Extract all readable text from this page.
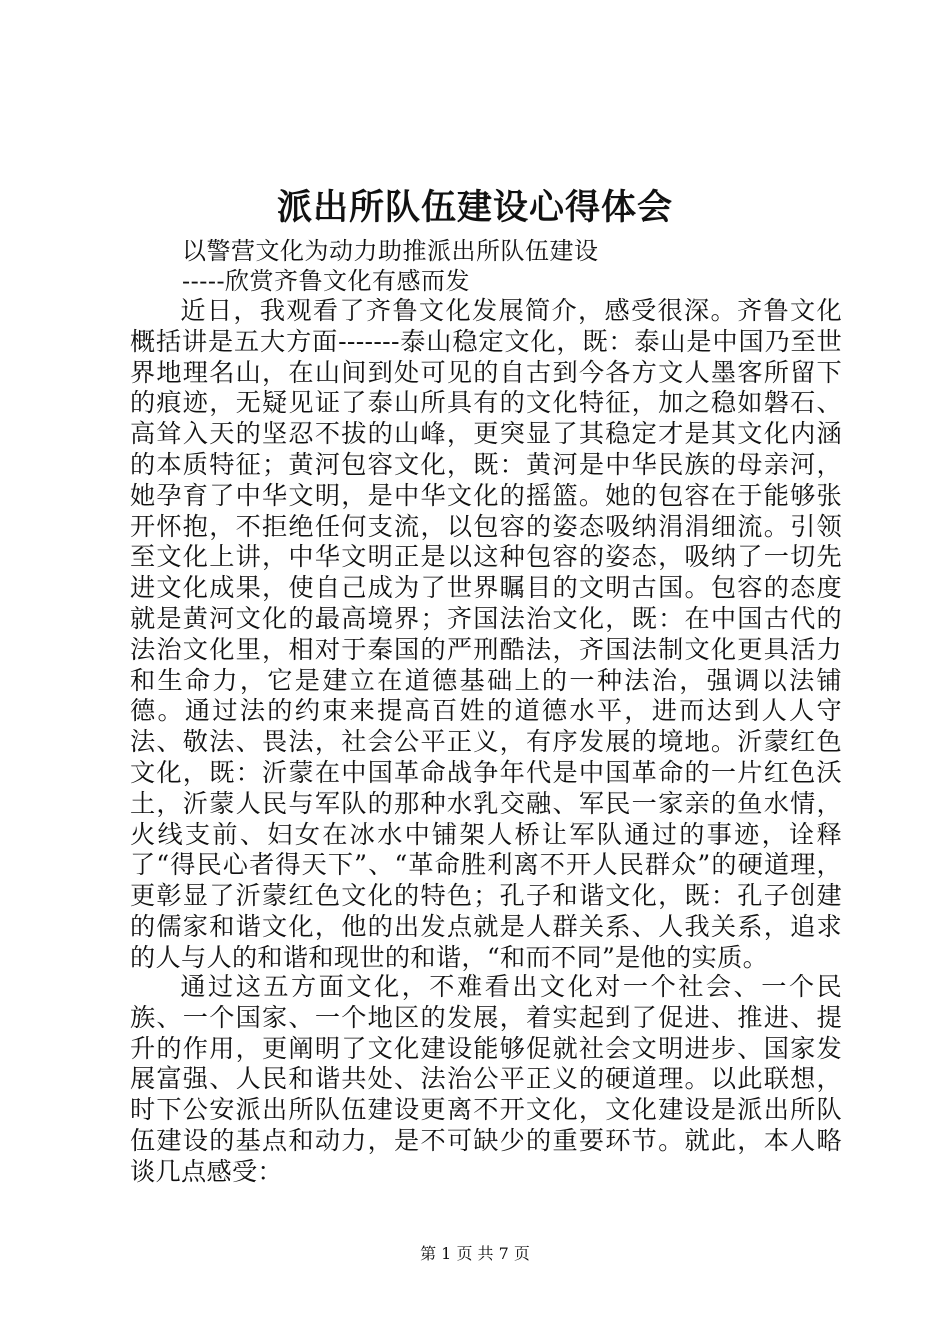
派出所队伍建设心得体会
以警营文化为动力助推派出所队伍建设
-----欣赏齐鲁文化有感而发

近日，我观看了齐鲁文化发展简介，感受很深。齐鲁文化概括讲是五大方面-------泰山稳定文化，既：泰山是中国乃至世界地理名山，在山间到处可见的自古到今各方文人墨客所留下的痕迹，无疑见证了泰山所具有的文化特征，加之稳如磐石、高耸入天的坚忍不拔的山峰，更突显了其稳定才是其文化内涵的本质特征；黄河包容文化，既：黄河是中华民族的母亲河，她孕育了中华文明，是中华文化的摇篮。她的包容在于能够张开怀抱，不拒绝任何支流，以包容的姿态吸纳涓涓细流。引领至文化上讲，中华文明正是以这种包容的姿态，吸纳了一切先进文化成果，使自己成为了世界瞩目的文明古国。包容的态度就是黄河文化的最高境界；齐国法治文化，既：在中国古代的法治文化里，相对于秦国的严刑酷法，齐国法制文化更具活力和生命力，它是建立在道德基础上的一种法治，强调以法铺德。通过法的约束来提高百姓的道德水平，进而达到人人守法、敬法、畏法，社会公平正义，有序发展的境地。沂蒙红色文化，既：沂蒙在中国革命战争年代是中国革命的一片红色沃土，沂蒙人民与军队的那种水乳交融、军民一家亲的鱼水情，火线支前、妇女在冰水中铺架人桥让军队通过的事迹，诠释了“得民心者得天下”、“革命胜利离不开人民群众”的硬道理，更彰显了沂蒙红色文化的特色；孔子和谐文化，既：孔子创建的儒家和谐文化，他的出发点就是人群关系、人我关系，追求的人与人的和谐和现世的和谐，“和而不同”是他的实质。

通过这五方面文化，不难看出文化对一个社会、一个民族、一个国家、一个地区的发展，着实起到了促进、推进、提升的作用，更阐明了文化建设能够促就社会文明进步、国家发展富强、人民和谐共处、法治公平正义的硬道理。以此联想，时下公安派出所队伍建设更离不开文化，文化建设是派出所队伍建设的基点和动力，是不可缺少的重要环节。就此，本人略谈几点感受：

第 1 页 共 7 页
